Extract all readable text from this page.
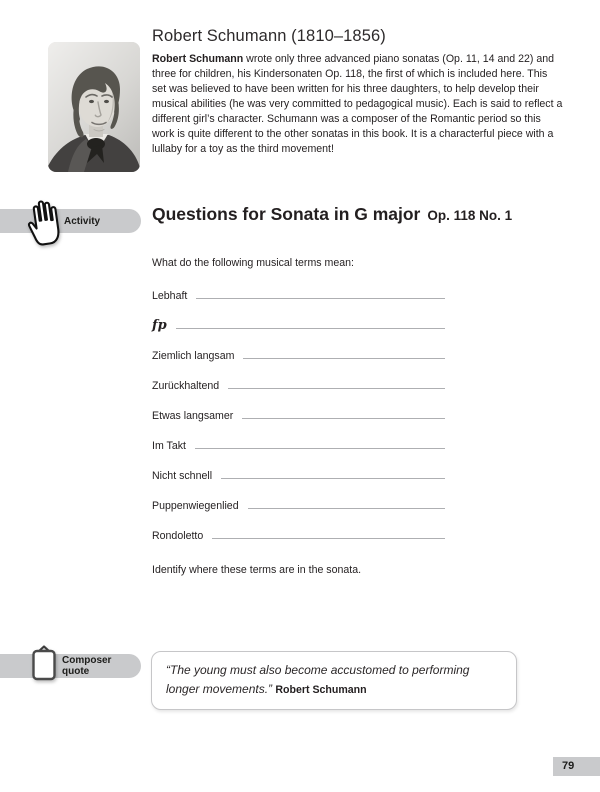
Robert Schumann (1810–1856)

Robert Schumann wrote only three advanced piano sonatas (Op. 11, 14 and 22) and three for children, his Kindersonaten Op. 118, the first of which is included here. This set was believed to have been written for his three daughters, to help develop their musical abilities (he was very committed to pedagogical music). Each is said to reflect a different girl’s character. Schumann was a composer of the Romantic period so this work is quite different to the other sonatas in this book. It is a characterful piece with a lullaby for a toy as the third movement!

Activity	Questions for Sonata in G major Op. 118 No. 1
What do the following musical terms mean:
Lebhaft
fp
Ziemlich langsam
Zurückhaltend
Etwas langsamer
Im Takt
Nicht schnell
Puppenwiegenlied
Rondoletto
Identify where these terms are in the sonata.
Composer quote	“The young must also become accustomed to performing longer movements.” Robert Schumann
79
